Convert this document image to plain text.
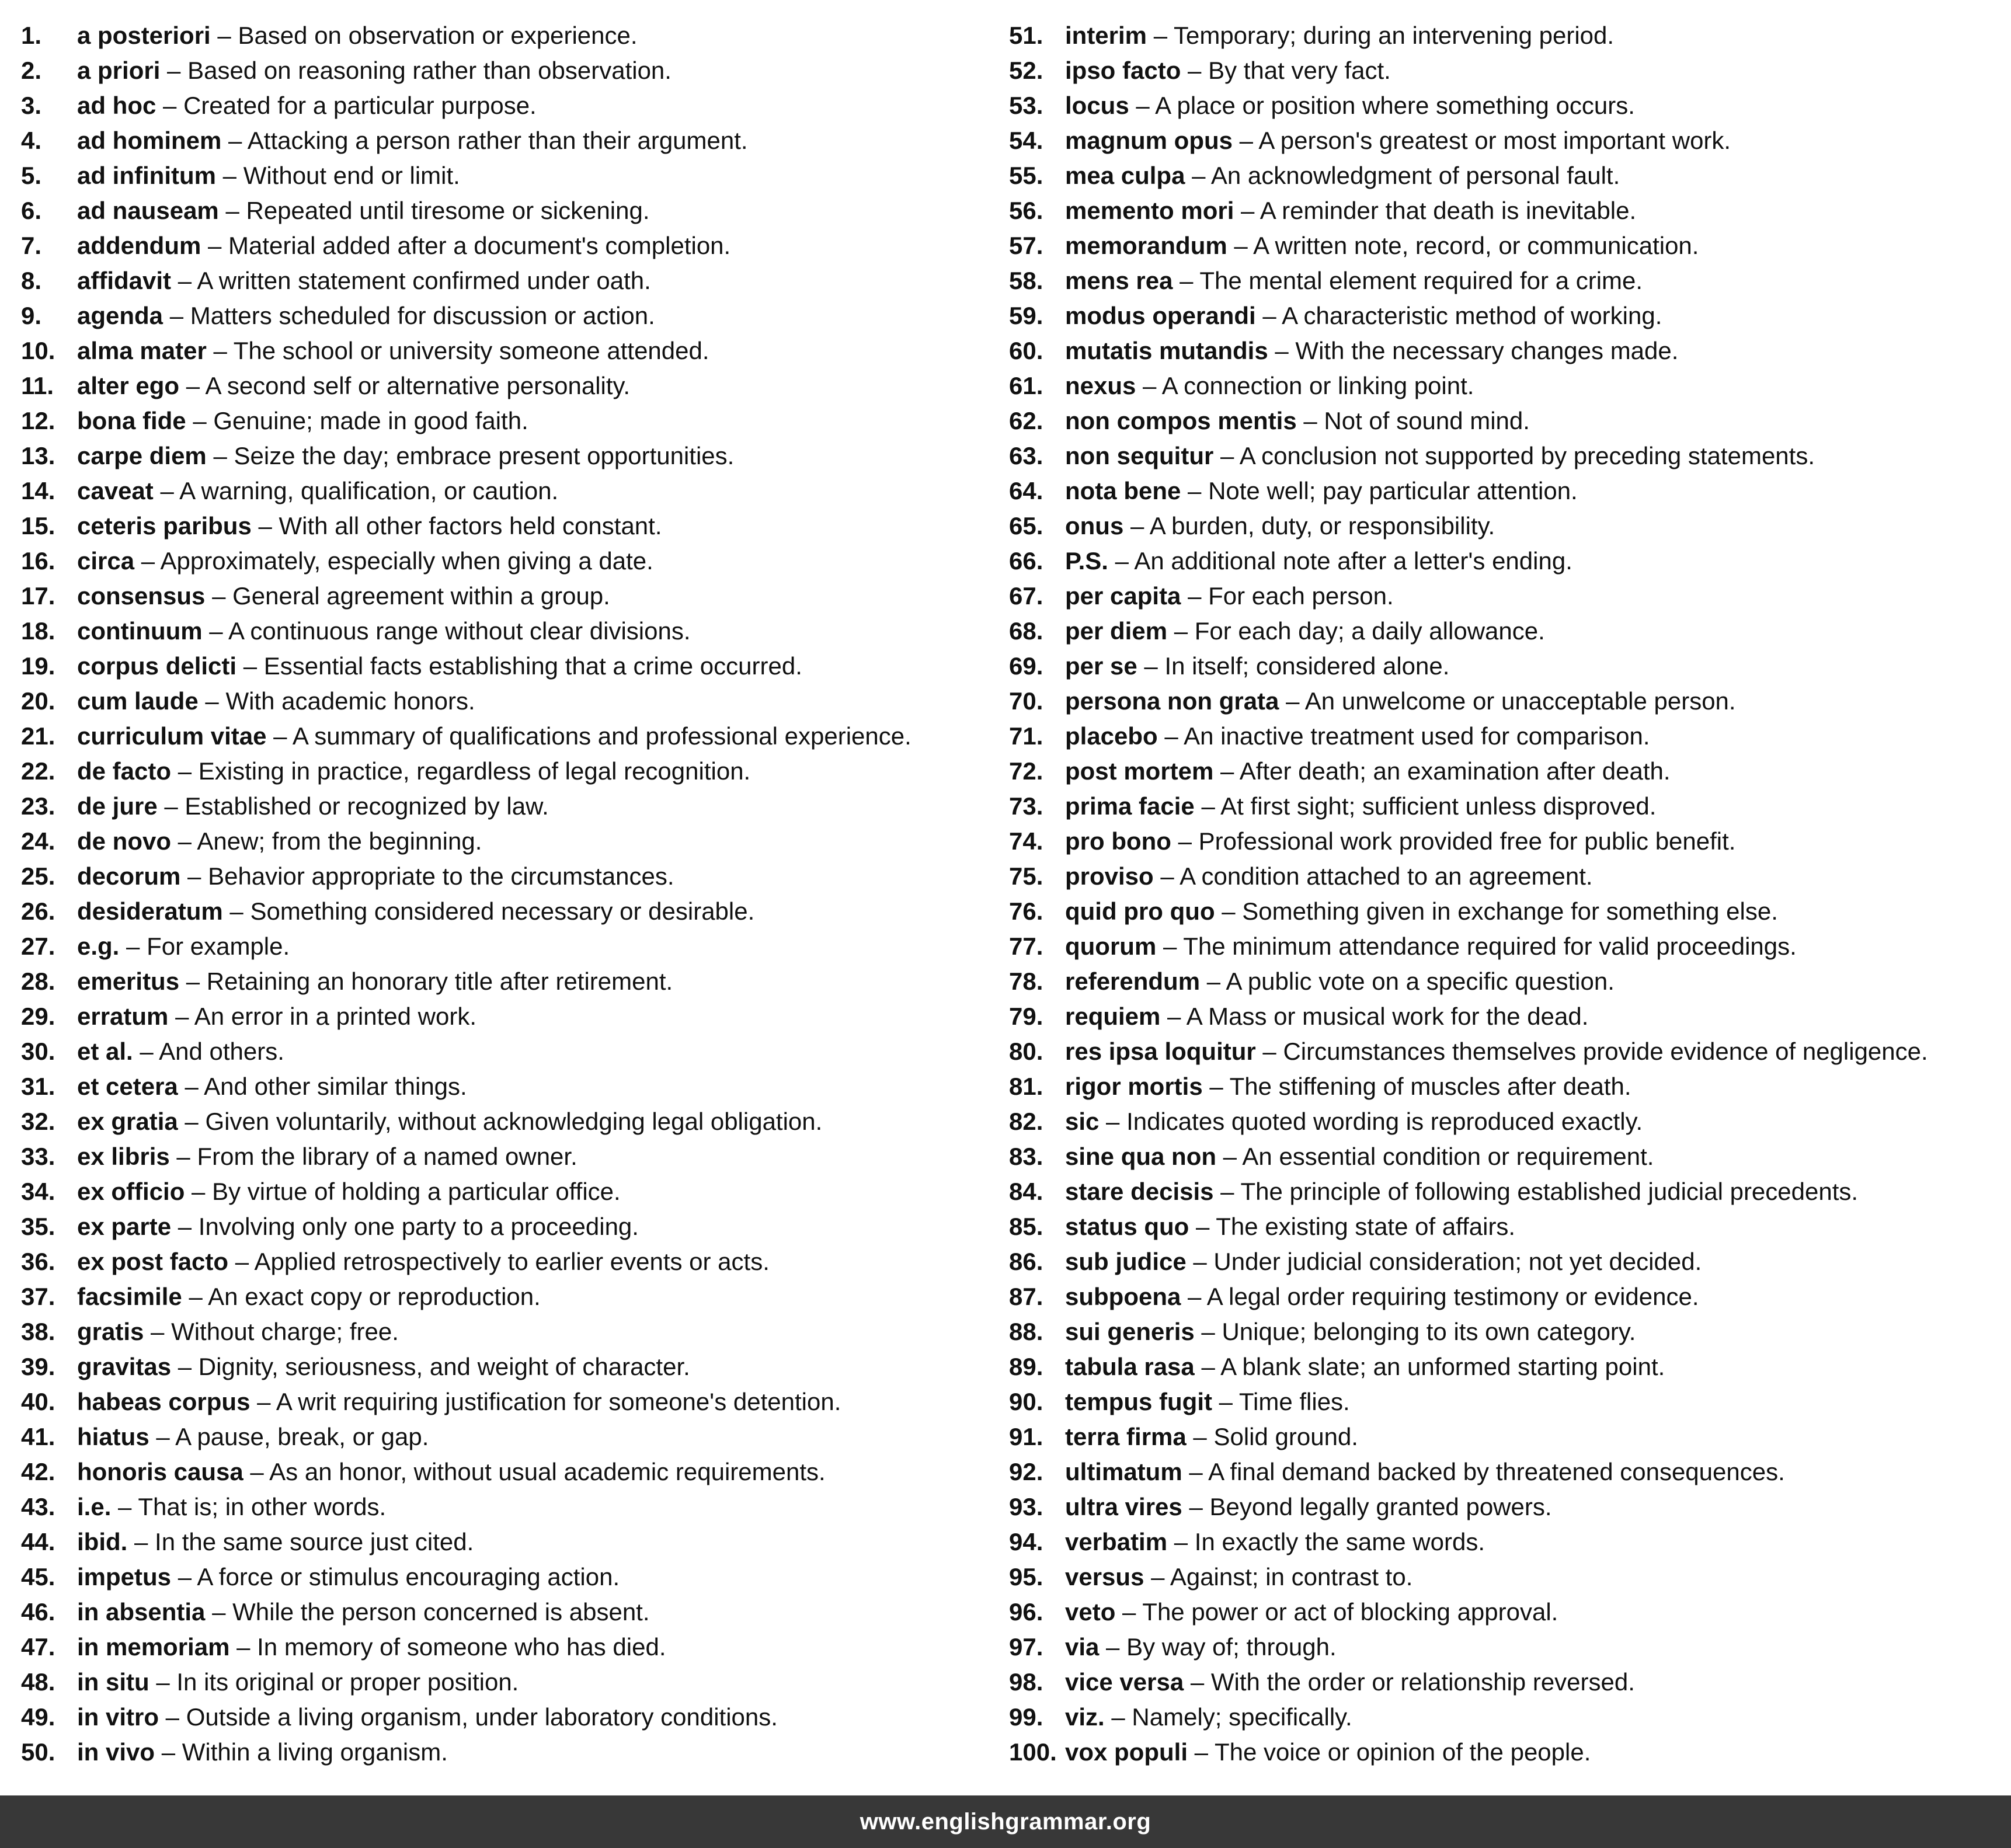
1. a posteriori – Based on observation or experience.
2. a priori – Based on reasoning rather than observation.
3. ad hoc – Created for a particular purpose.
4. ad hominem – Attacking a person rather than their argument.
5. ad infinitum – Without end or limit.
6. ad nauseam – Repeated until tiresome or sickening.
7. addendum – Material added after a document's completion.
8. affidavit – A written statement confirmed under oath.
9. agenda – Matters scheduled for discussion or action.
10. alma mater – The school or university someone attended.
11. alter ego – A second self or alternative personality.
12. bona fide – Genuine; made in good faith.
13. carpe diem – Seize the day; embrace present opportunities.
14. caveat – A warning, qualification, or caution.
15. ceteris paribus – With all other factors held constant.
16. circa – Approximately, especially when giving a date.
17. consensus – General agreement within a group.
18. continuum – A continuous range without clear divisions.
19. corpus delicti – Essential facts establishing that a crime occurred.
20. cum laude – With academic honors.
21. curriculum vitae – A summary of qualifications and professional experience.
22. de facto – Existing in practice, regardless of legal recognition.
23. de jure – Established or recognized by law.
24. de novo – Anew; from the beginning.
25. decorum – Behavior appropriate to the circumstances.
26. desideratum – Something considered necessary or desirable.
27. e.g. – For example.
28. emeritus – Retaining an honorary title after retirement.
29. erratum – An error in a printed work.
30. et al. – And others.
31. et cetera – And other similar things.
32. ex gratia – Given voluntarily, without acknowledging legal obligation.
33. ex libris – From the library of a named owner.
34. ex officio – By virtue of holding a particular office.
35. ex parte – Involving only one party to a proceeding.
36. ex post facto – Applied retrospectively to earlier events or acts.
37. facsimile – An exact copy or reproduction.
38. gratis – Without charge; free.
39. gravitas – Dignity, seriousness, and weight of character.
40. habeas corpus – A writ requiring justification for someone's detention.
41. hiatus – A pause, break, or gap.
42. honoris causa – As an honor, without usual academic requirements.
43. i.e. – That is; in other words.
44. ibid. – In the same source just cited.
45. impetus – A force or stimulus encouraging action.
46. in absentia – While the person concerned is absent.
47. in memoriam – In memory of someone who has died.
48. in situ – In its original or proper position.
49. in vitro – Outside a living organism, under laboratory conditions.
50. in vivo – Within a living organism.
51. interim – Temporary; during an intervening period.
52. ipso facto – By that very fact.
53. locus – A place or position where something occurs.
54. magnum opus – A person's greatest or most important work.
55. mea culpa – An acknowledgment of personal fault.
56. memento mori – A reminder that death is inevitable.
57. memorandum – A written note, record, or communication.
58. mens rea – The mental element required for a crime.
59. modus operandi – A characteristic method of working.
60. mutatis mutandis – With the necessary changes made.
61. nexus – A connection or linking point.
62. non compos mentis – Not of sound mind.
63. non sequitur – A conclusion not supported by preceding statements.
64. nota bene – Note well; pay particular attention.
65. onus – A burden, duty, or responsibility.
66. P.S. – An additional note after a letter's ending.
67. per capita – For each person.
68. per diem – For each day; a daily allowance.
69. per se – In itself; considered alone.
70. persona non grata – An unwelcome or unacceptable person.
71. placebo – An inactive treatment used for comparison.
72. post mortem – After death; an examination after death.
73. prima facie – At first sight; sufficient unless disproved.
74. pro bono – Professional work provided free for public benefit.
75. proviso – A condition attached to an agreement.
76. quid pro quo – Something given in exchange for something else.
77. quorum – The minimum attendance required for valid proceedings.
78. referendum – A public vote on a specific question.
79. requiem – A Mass or musical work for the dead.
80. res ipsa loquitur – Circumstances themselves provide evidence of negligence.
81. rigor mortis – The stiffening of muscles after death.
82. sic – Indicates quoted wording is reproduced exactly.
83. sine qua non – An essential condition or requirement.
84. stare decisis – The principle of following established judicial precedents.
85. status quo – The existing state of affairs.
86. sub judice – Under judicial consideration; not yet decided.
87. subpoena – A legal order requiring testimony or evidence.
88. sui generis – Unique; belonging to its own category.
89. tabula rasa – A blank slate; an unformed starting point.
90. tempus fugit – Time flies.
91. terra firma – Solid ground.
92. ultimatum – A final demand backed by threatened consequences.
93. ultra vires – Beyond legally granted powers.
94. verbatim – In exactly the same words.
95. versus – Against; in contrast to.
96. veto – The power or act of blocking approval.
97. via – By way of; through.
98. vice versa – With the order or relationship reversed.
99. viz. – Namely; specifically.
100. vox populi – The voice or opinion of the people.
www.englishgrammar.org
